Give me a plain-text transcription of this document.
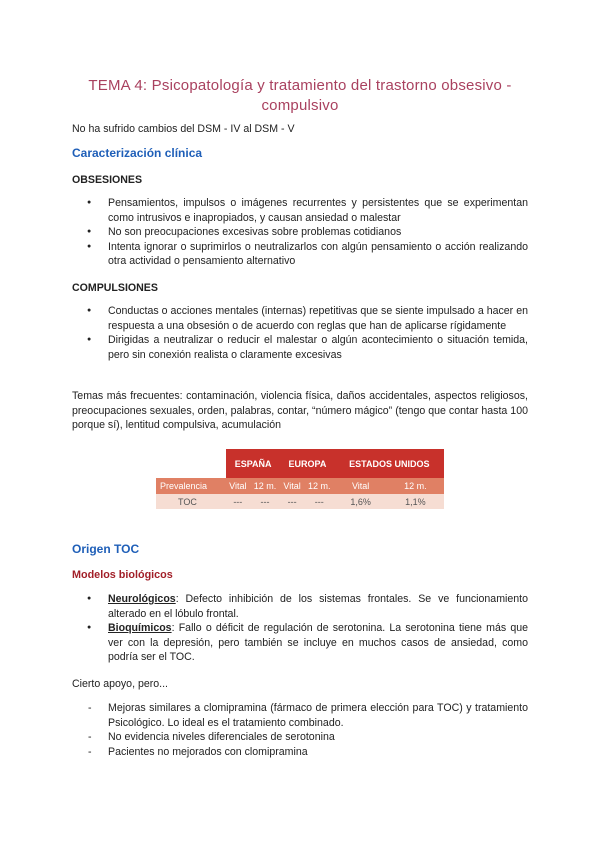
TEMA 4: Psicopatología y tratamiento del trastorno obsesivo - compulsivo
No ha sufrido cambios del DSM - IV al DSM - V
Caracterización clínica
OBSESIONES
● Pensamientos, impulsos o imágenes recurrentes y persistentes que se experimentan como intrusivos e inapropiados, y causan ansiedad o malestar
● No son preocupaciones excesivas sobre problemas cotidianos
● Intenta ignorar o suprimirlos o neutralizarlos con algún pensamiento o acción realizando otra actividad o pensamiento alternativo
COMPULSIONES
● Conductas o acciones mentales (internas) repetitivas que se siente impulsado a hacer en respuesta a una obsesión o de acuerdo con reglas que han de aplicarse rígidamente
● Dirigidas a neutralizar o reducir el malestar o algún acontecimiento o situación temida, pero sin conexión realista o claramente excesivas
Temas más frecuentes: contaminación, violencia física, daños accidentales, aspectos religiosos, preocupaciones sexuales, orden, palabras, contar, “número mágico” (tengo que contar hasta 100 porque sí), lentitud compulsiva, acumulación
	ESPAÑA		EUROPA		ESTADOS UNIDOS	
Prevalencia	Vital	12 m.	Vital	12 m.	Vital	12 m.
TOC	---	---	---	---	1,6%	1,1%
Origen TOC
Modelos biológicos
● Neurológicos: Defecto inhibición de los sistemas frontales. Se ve funcionamiento alterado en el lóbulo frontal.
● Bioquímicos: Fallo o déficit de regulación de serotonina. La serotonina tiene más que ver con la depresión, pero también se incluye en muchos casos de ansiedad, como podría ser el TOC.
Cierto apoyo, pero...
- Mejoras similares a clomipramina (fármaco de primera elección para TOC) y tratamiento Psicológico. Lo ideal es el tratamiento combinado.
- No evidencia niveles diferenciales de serotonina
- Pacientes no mejorados con clomipramina
